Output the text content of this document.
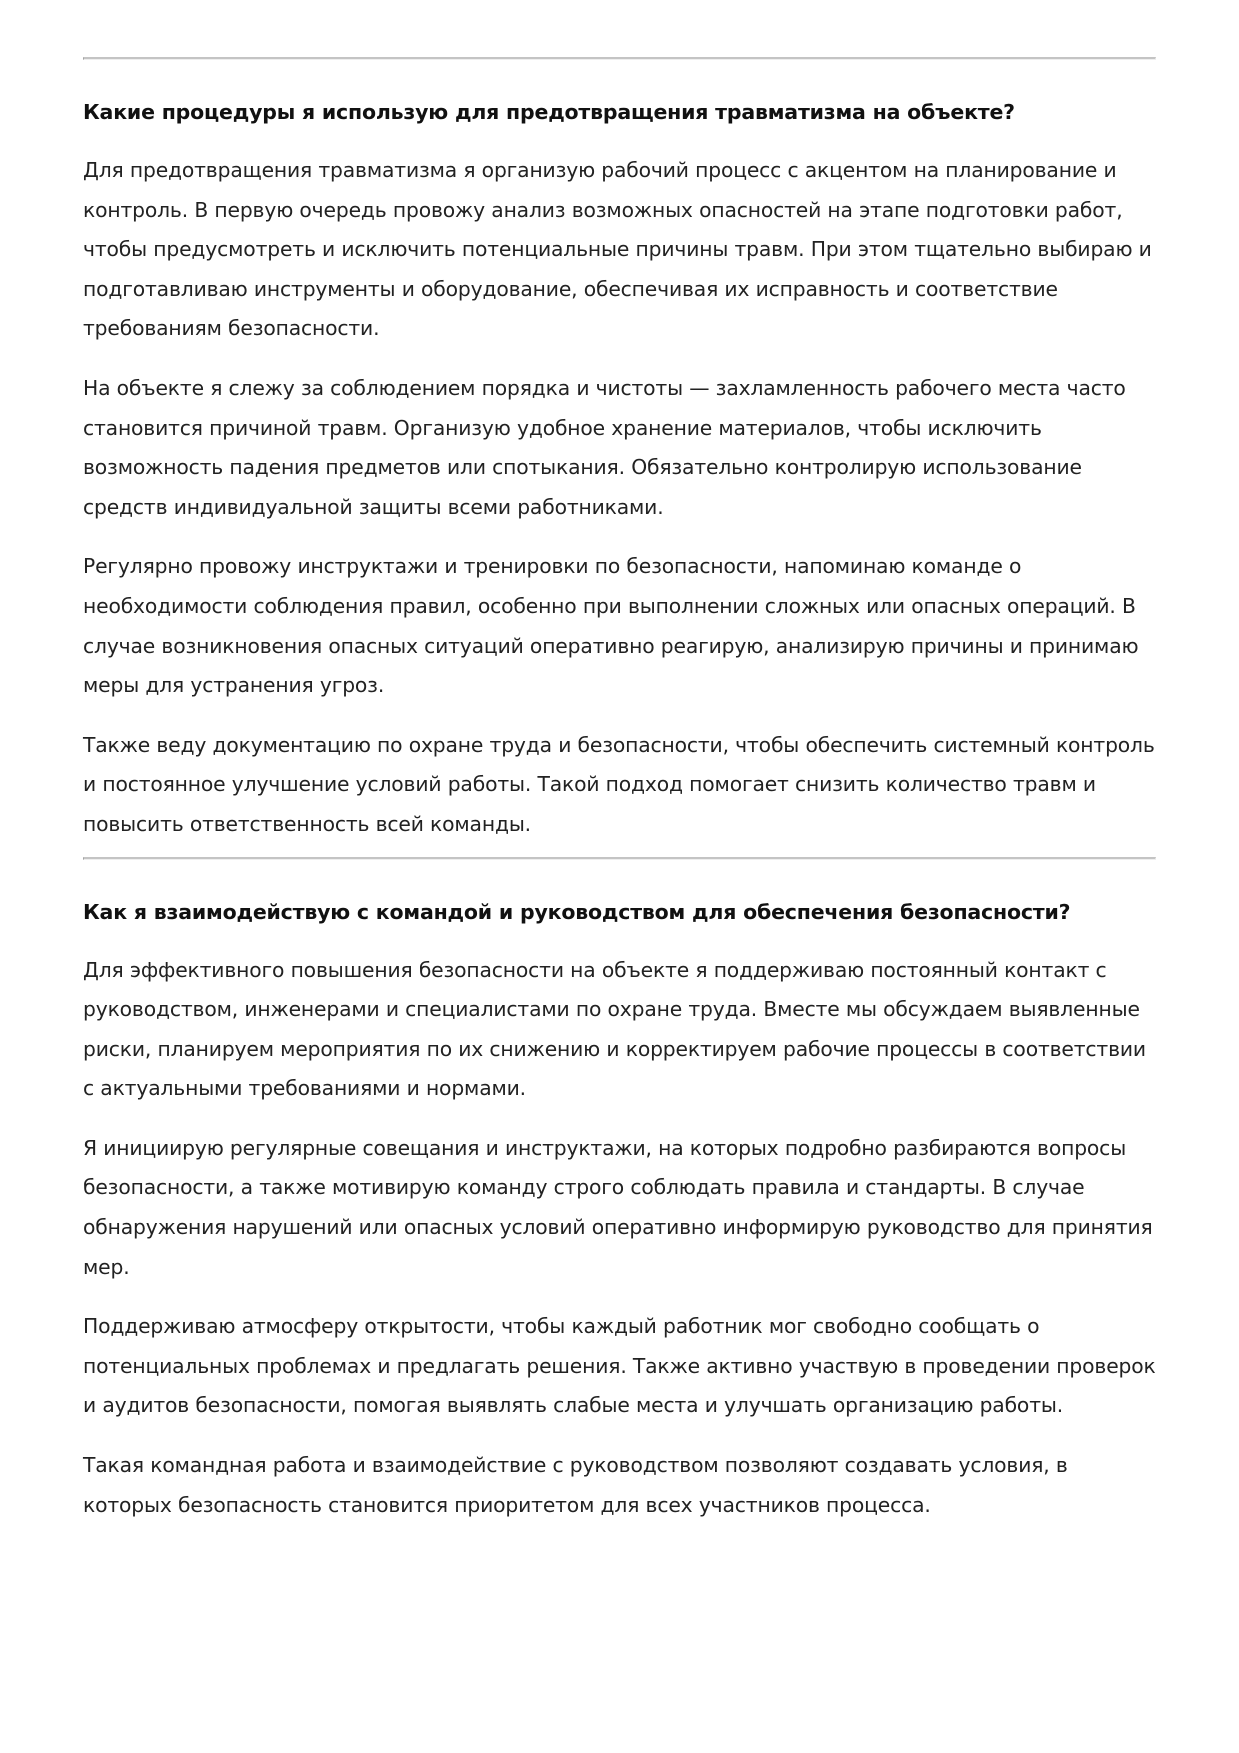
Какие процедуры я использую для предотвращения травматизма на объекте?

Для предотвращения травматизма я организую рабочий процесс с акцентом на планирование и контроль. В первую очередь провожу анализ возможных опасностей на этапе подготовки работ, чтобы предусмотреть и исключить потенциальные причины травм. При этом тщательно выбираю и подготавливаю инструменты и оборудование, обеспечивая их исправность и соответствие требованиям безопасности.

На объекте я слежу за соблюдением порядка и чистоты — захламленность рабочего места часто становится причиной травм. Организую удобное хранение материалов, чтобы исключить возможность падения предметов или спотыкания. Обязательно контролирую использование средств индивидуальной защиты всеми работниками.

Регулярно провожу инструктажи и тренировки по безопасности, напоминаю команде о необходимости соблюдения правил, особенно при выполнении сложных или опасных операций. В случае возникновения опасных ситуаций оперативно реагирую, анализирую причины и принимаю меры для устранения угроз.

Также веду документацию по охране труда и безопасности, чтобы обеспечить системный контроль и постоянное улучшение условий работы. Такой подход помогает снизить количество травм и повысить ответственность всей команды.

Как я взаимодействую с командой и руководством для обеспечения безопасности?

Для эффективного повышения безопасности на объекте я поддерживаю постоянный контакт с руководством, инженерами и специалистами по охране труда. Вместе мы обсуждаем выявленные риски, планируем мероприятия по их снижению и корректируем рабочие процессы в соответствии с актуальными требованиями и нормами.

Я инициирую регулярные совещания и инструктажи, на которых подробно разбираются вопросы безопасности, а также мотивирую команду строго соблюдать правила и стандарты. В случае обнаружения нарушений или опасных условий оперативно информирую руководство для принятия мер.

Поддерживаю атмосферу открытости, чтобы каждый работник мог свободно сообщать о потенциальных проблемах и предлагать решения. Также активно участвую в проведении проверок и аудитов безопасности, помогая выявлять слабые места и улучшать организацию работы.

Такая командная работа и взаимодействие с руководством позволяют создавать условия, в которых безопасность становится приоритетом для всех участников процесса.
